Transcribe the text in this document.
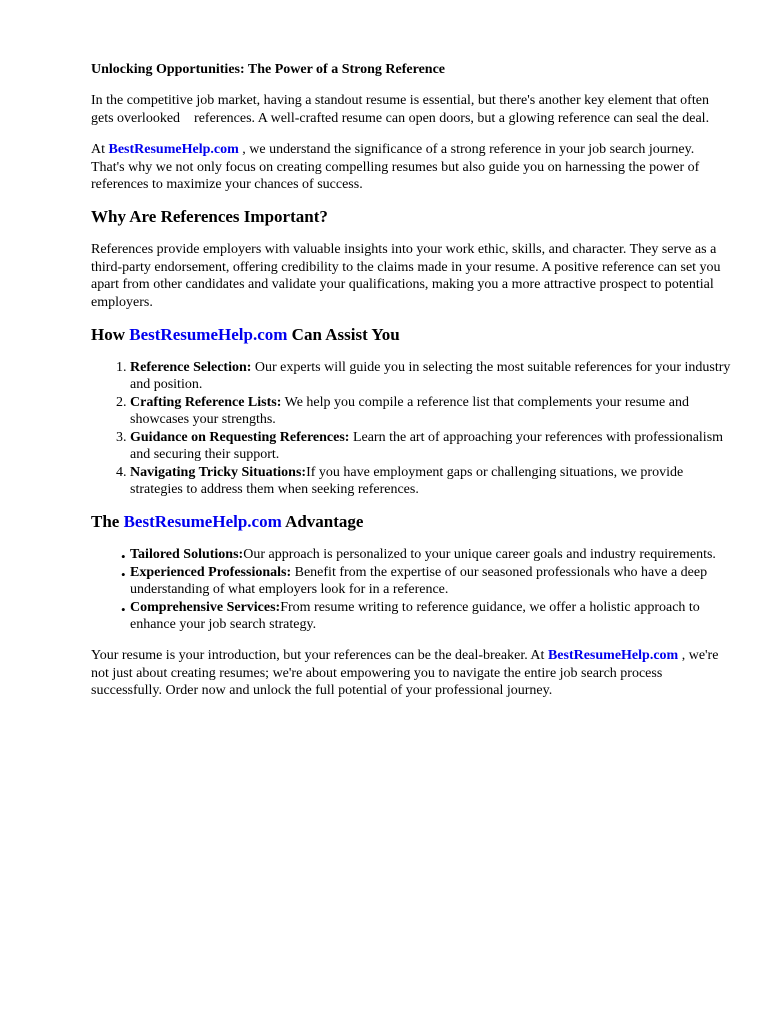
Unlocking Opportunities: The Power of a Strong Reference

In the competitive job market, having a standout resume is essential, but there's another key element that often gets overlooked    references. A well-crafted resume can open doors, but a glowing reference can seal the deal.

At BestResumeHelp.com , we understand the significance of a strong reference in your job search journey. That's why we not only focus on creating compelling resumes but also guide you on harnessing the power of references to maximize your chances of success.

Why Are References Important?

References provide employers with valuable insights into your work ethic, skills, and character. They serve as a third-party endorsement, offering credibility to the claims made in your resume. A positive reference can set you apart from other candidates and validate your qualifications, making you a more attractive prospect to potential employers.

How BestResumeHelp.com Can Assist You
1. Reference Selection: Our experts will guide you in selecting the most suitable references for your industry and position.
2. Crafting Reference Lists: We help you compile a reference list that complements your resume and showcases your strengths.
3. Guidance on Requesting References: Learn the art of approaching your references with professionalism and securing their support.
4. Navigating Tricky Situations:If you have employment gaps or challenging situations, we provide strategies to address them when seeking references.
The BestResumeHelp.com Advantage
• Tailored Solutions:Our approach is personalized to your unique career goals and industry requirements.
• Experienced Professionals: Benefit from the expertise of our seasoned professionals who have a deep understanding of what employers look for in a reference.
• Comprehensive Services:From resume writing to reference guidance, we offer a holistic approach to enhance your job search strategy.

Your resume is your introduction, but your references can be the deal-breaker. At BestResumeHelp.com , we're not just about creating resumes; we're about empowering you to navigate the entire job search process successfully. Order now and unlock the full potential of your professional journey.
